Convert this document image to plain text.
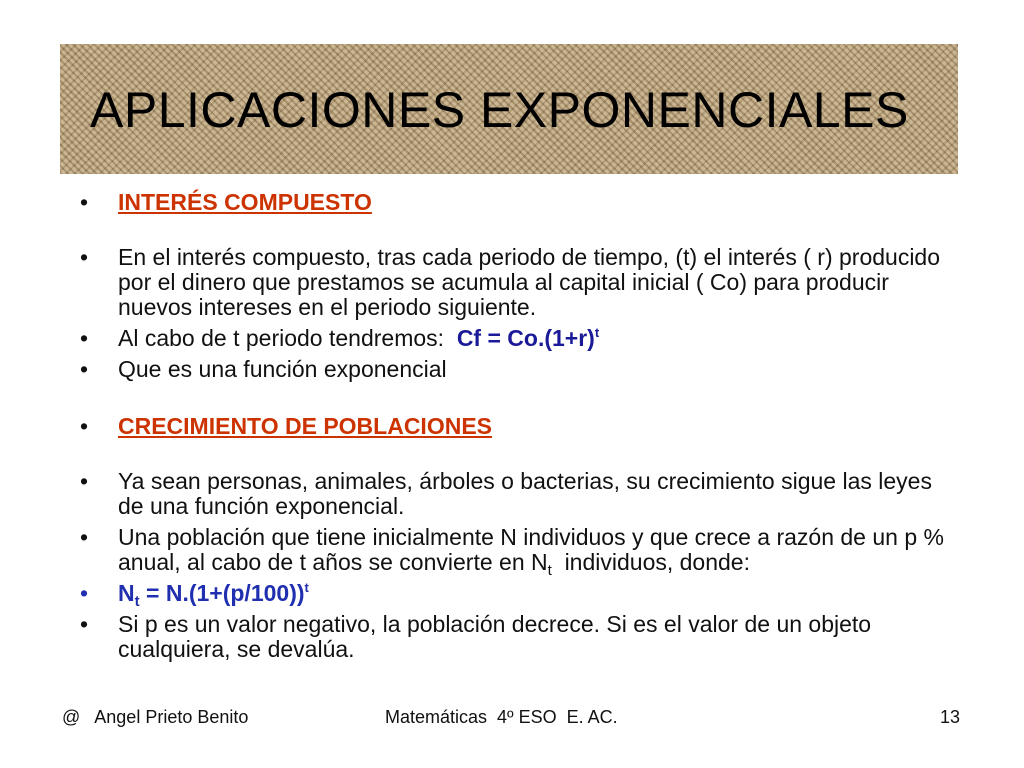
APLICACIONES EXPONENCIALES
• INTERÉS COMPUESTO
• En el interés compuesto, tras cada periodo de tiempo, (t) el interés ( r) producido por el dinero que prestamos se acumula al capital inicial ( Co) para producir nuevos intereses en el periodo siguiente.
• Al cabo de t periodo tendremos:  $Cf = Co.(1+r)^t$
• Que es una función exponencial
• CRECIMIENTO DE POBLACIONES
• Ya sean personas, animales, árboles o bacterias, su crecimiento sigue las leyes de una función exponencial.
• Una población que tiene inicialmente N individuos y que crece a razón de un p % anual, al cabo de t años se convierte en $N_t$  individuos, donde:
• $N_t = N.(1+(p/100))^t$
• Si p es un valor negativo, la población decrece. Si es el valor de un objeto cualquiera, se devalúa.
@   Angel Prieto Benito	Matemáticas  4º ESO  E. AC.	13
